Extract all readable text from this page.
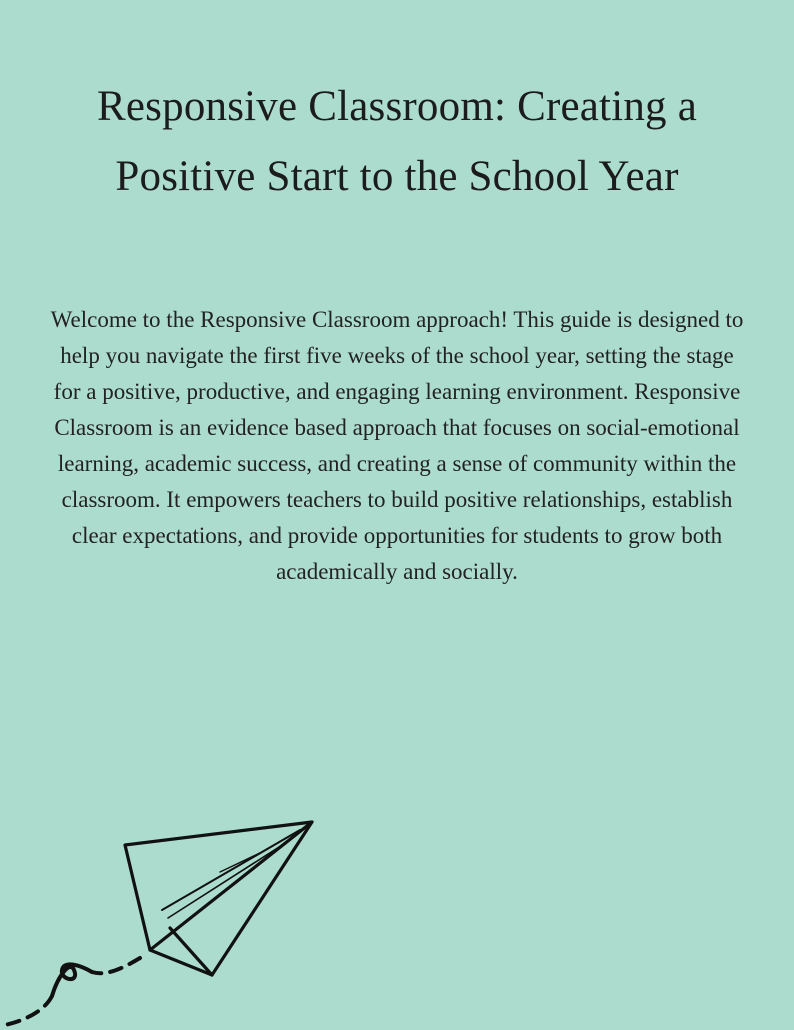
Responsive Classroom: Creating a
Positive Start to the School Year

Welcome to the Responsive Classroom approach! This guide is designed to help you navigate the first five weeks of the school year, setting the stage for a positive, productive, and engaging learning environment. Responsive Classroom is an evidence based approach that focuses on social-emotional learning, academic success, and creating a sense of community within the classroom. It empowers teachers to build positive relationships, establish clear expectations, and provide opportunities for students to grow both academically and socially.
